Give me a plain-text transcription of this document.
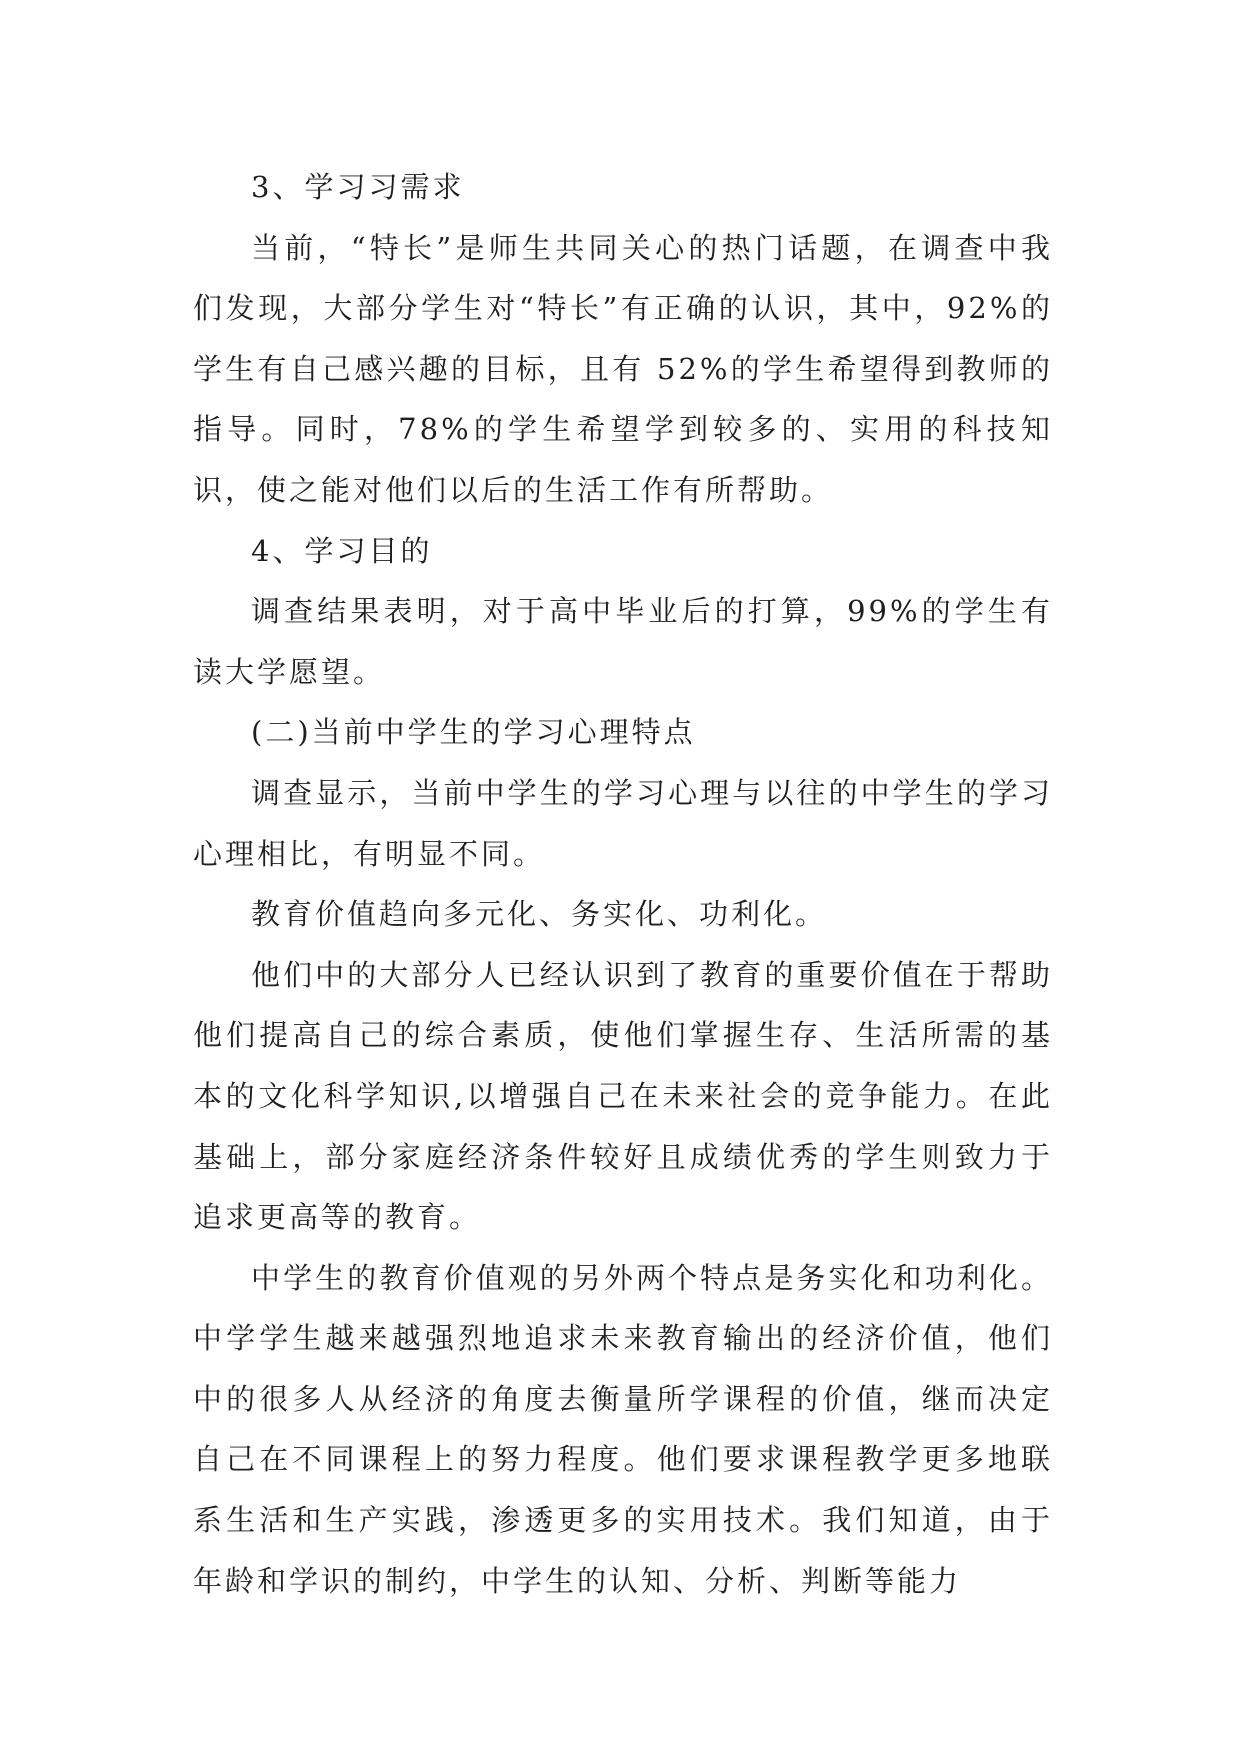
3、学习习需求

当前，“特长”是师生共同关心的热门话题，在调查中我们发现，大部分学生对“特长”有正确的认识，其中，92%的学生有自己感兴趣的目标，且有 52%的学生希望得到教师的指导。同时，78%的学生希望学到较多的、实用的科技知识，使之能对他们以后的生活工作有所帮助。

4、学习目的

调查结果表明，对于高中毕业后的打算，99%的学生有读大学愿望。

(二)当前中学生的学习心理特点

调查显示，当前中学生的学习心理与以往的中学生的学习心理相比，有明显不同。

教育价值趋向多元化、务实化、功利化。

他们中的大部分人已经认识到了教育的重要价值在于帮助他们提高自己的综合素质，使他们掌握生存、生活所需的基本的文化科学知识,以增强自己在未来社会的竞争能力。在此基础上，部分家庭经济条件较好且成绩优秀的学生则致力于追求更高等的教育。

中学生的教育价值观的另外两个特点是务实化和功利化。中学学生越来越强烈地追求未来教育输出的经济价值，他们中的很多人从经济的角度去衡量所学课程的价值，继而决定自己在不同课程上的努力程度。他们要求课程教学更多地联系生活和生产实践，渗透更多的实用技术。我们知道，由于年龄和学识的制约，中学生的认知、分析、判断等能力
